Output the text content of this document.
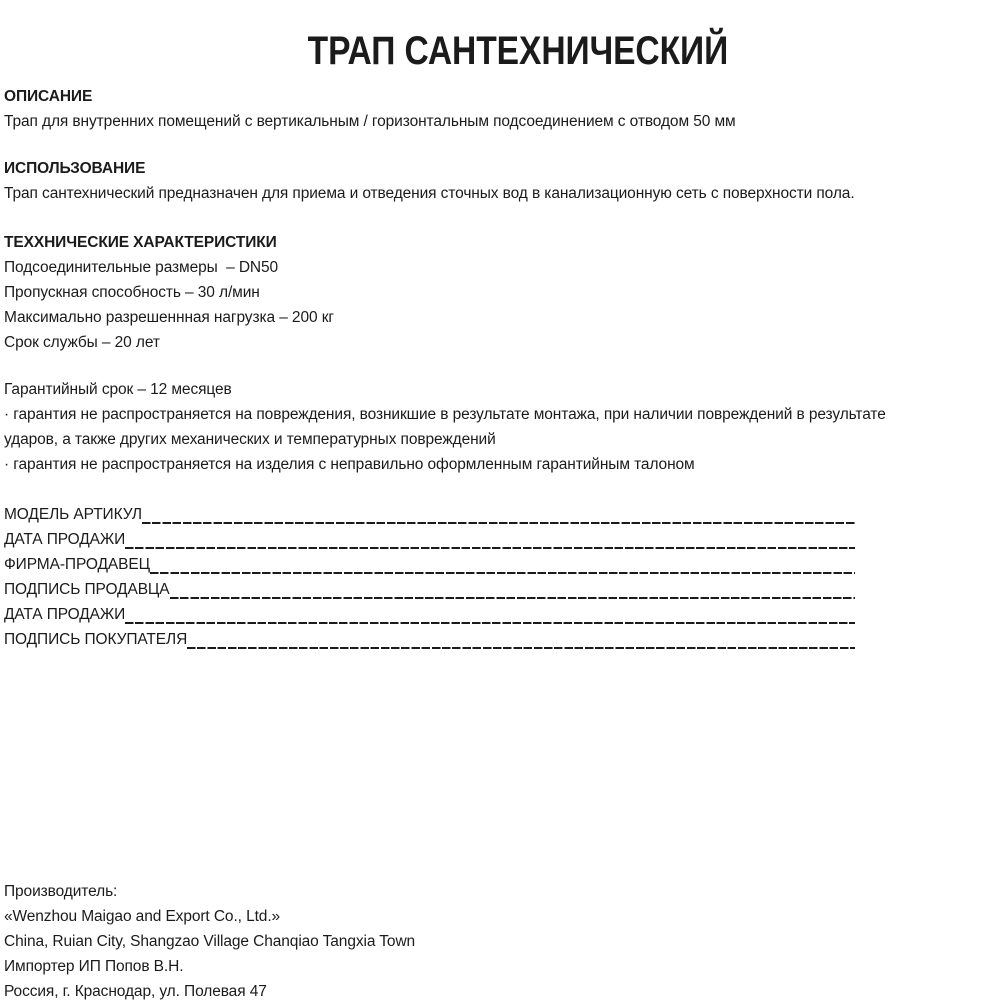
ТРАП САНТЕХНИЧЕСКИЙ

ОПИСАНИЕ
Трап для внутренних помещений с вертикальным / горизонтальным подсоединением с отводом 50 мм
ИСПОЛЬЗОВАНИЕ
Трап сантехнический предназначен для приема и отведения сточных вод в канализационную сеть с поверхности пола.
ТЕХХНИЧЕСКИЕ ХАРАКТЕРИСТИКИ
Подсоединительные размеры  – DN50
Пропускная способность – 30 л/мин
Максимально разрешеннная нагрузка – 200 кг
Срок службы – 20 лет
Гарантийный срок – 12 месяцев
· гарантия не распространяется на повреждения, возникшие в результате монтажа, при наличии повреждений в результате
ударов, а также других механических и температурных повреждений
· гарантия не распространяется на изделия с неправильно оформленным гарантийным талоном
МОДЕЛЬ АРТИКУЛ
ДАТА ПРОДАЖИ
ФИРМА-ПРОДАВЕЦ
ПОДПИСЬ ПРОДАВЦА
ДАТА ПРОДАЖИ
ПОДПИСЬ ПОКУПАТЕЛЯ
Производитель:
«Wenzhou Maigao and Export Co., Ltd.»
China, Ruian City, Shangzao Village Chanqiao Tangxia Town
Импортер ИП Попов В.Н.
Россия, г. Краснодар, ул. Полевая 47
